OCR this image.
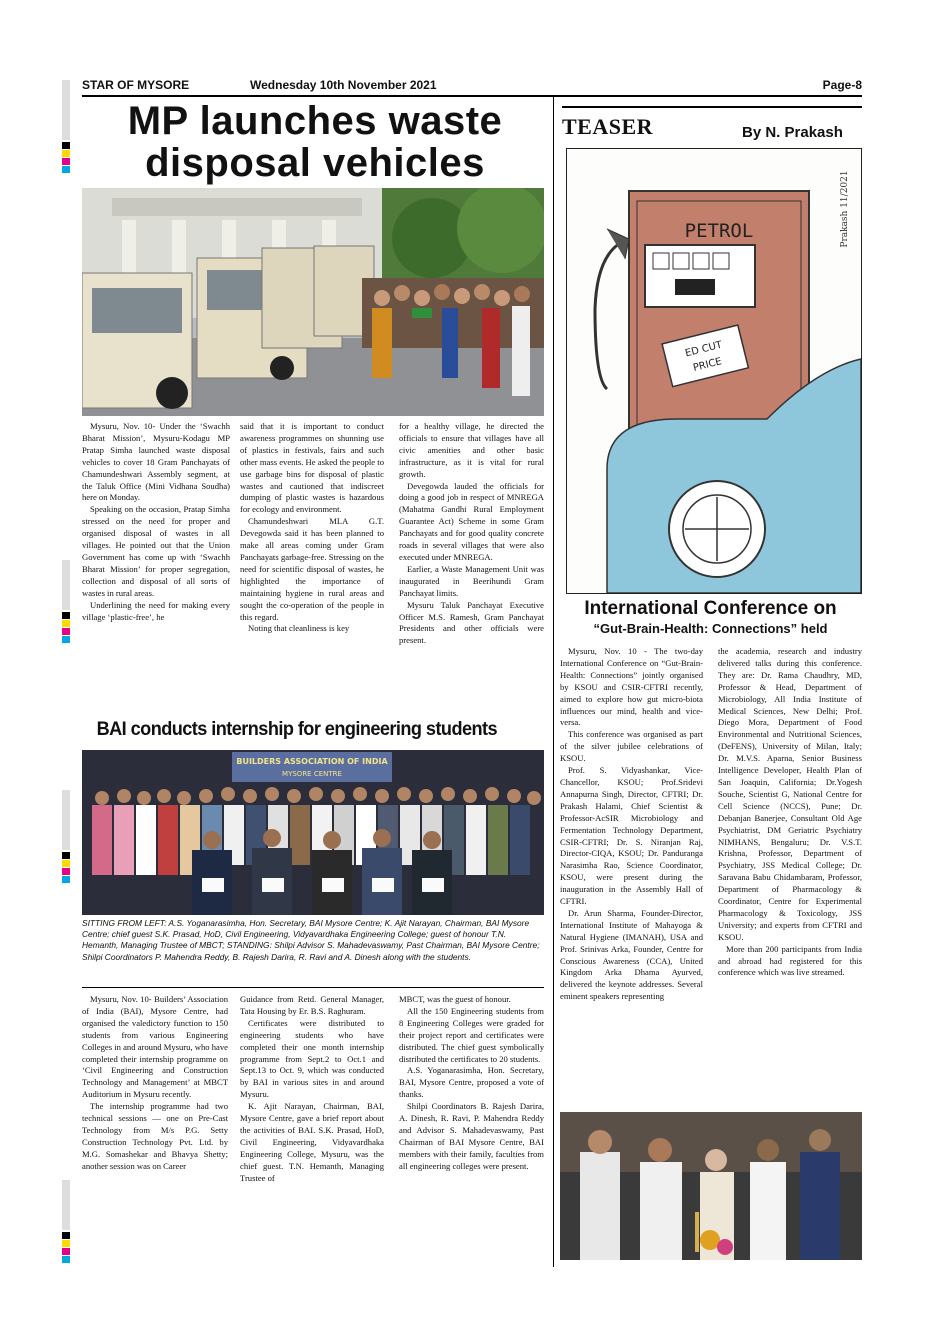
STAR OF MYSORE	Wednesday 10th November 2021	Page-8
MP launches waste
disposal vehicles

Mysuru, Nov. 10- Under the ‘Swachh Bharat Mission’, Mysuru-Kodagu MP Pratap Simha launched waste disposal vehicles to cover 18 Gram Panchayats of Chamundeshwari Assembly segment, at the Taluk Office (Mini Vidhana Soudha) here on Monday.

Speaking on the occasion, Pratap Simha stressed on the need for proper and organised disposal of wastes in all villages. He pointed out that the Union Government has come up with ‘Swachh Bharat Mission’ for proper segregation, collection and disposal of all sorts of wastes in rural areas.

Underlining the need for making every village ‘plastic-free’, he

said that it is important to conduct awareness programmes on shunning use of plastics in festivals, fairs and such other mass events. He asked the people to use garbage bins for disposal of plastic wastes and cautioned that indiscreet dumping of plastic wastes is hazardous for ecology and environment.

Chamundeshwari MLA G.T. Devegowda said it has been planned to make all areas coming under Gram Panchayats garbage-free. Stressing on the need for scientific disposal of wastes, he highlighted the importance of maintaining hygiene in rural areas and sought the co-operation of the people in this regard.

Noting that cleanliness is key

for a healthy village, he directed the officials to ensure that villages have all civic amenities and other basic infrastructure, as it is vital for rural growth.

Devegowda lauded the officials for doing a good job in respect of MNREGA (Mahatma Gandhi Rural Employment Guarantee Act) Scheme in some Gram Panchayats and for good quality concrete roads in several villages that were also executed under MNREGA.

Earlier, a Waste Management Unit was inaugurated in Beerihundi Gram Panchayat limits.

Mysuru Taluk Panchayat Executive Officer M.S. Ramesh, Gram Panchayat Presidents and other officials were present.

TEASER	By N. Prakash
PETROL
ED CUT
PRICE
Prakash 11/2021
International Conference on
“Gut-Brain-Health: Connections” held

Mysuru, Nov. 10 - The two-day International Conference on “Gut-Brain-Health: Connections” jointly organised by KSOU and CSIR-CFTRI recently, aimed to explore how gut micro-biota influences our mind, health and vice-versa.

This conference was organised as part of the silver jubilee celebrations of KSOU.

Prof. S. Vidyashankar, Vice-Chancellor, KSOU; Prof.Sridevi Annapurna Singh, Director, CFTRI; Dr. Prakash Halami, Chief Scientist & Professor-AcSIR Microbiology and Fermentation Technology Department, CSIR-CFTRI; Dr. S. Niranjan Raj, Director-CIQA, KSOU; Dr. Panduranga Narasimha Rao, Science Coordinator, KSOU, were present during the inauguration in the Assembly Hall of CFTRI.

Dr. Arun Sharma, Founder-Director, International Institute of Mahayoga & Natural Hygiene (IMANAH), USA and Prof. Srinivas Arka, Founder, Centre for Conscious Awareness (CCA), United Kingdom Arka Dhama Ayurved, delivered the keynote addresses. Several eminent speakers representing

the academia, research and industry delivered talks during this conference. They are: Dr. Rama Chaudhry, MD, Professor & Head, Department of Microbiology, All India Institute of Medical Sciences, New Delhi; Prof. Diego Mora, Department of Food Environmental and Nutritional Sciences, (DeFENS), University of Milan, Italy; Dr. M.V.S. Aparna, Senior Business Intelligence Developer, Health Plan of San Joaquin, California; Dr.Yogesh Souche, Scientist G, National Centre for Cell Science (NCCS), Pune; Dr. Debanjan Banerjee, Consultant Old Age Psychiatrist, DM Geriatric Psychiatry NIMHANS, Bengaluru; Dr. V.S.T. Krishna, Professor, Department of Psychiatry, JSS Medical College; Dr. Saravana Babu Chidambaram, Professor, Department of Pharmacology & Coordinator, Centre for Experimental Pharmacology & Toxicology, JSS University; and experts from CFTRI and KSOU.

More than 200 participants from India and abroad had registered for this conference which was live streamed.

BAI conducts internship for engineering students
BUILDERS ASSOCIATION OF INDIA
MYSORE CENTRE
SITTING FROM LEFT: A.S. Yoganarasimha, Hon. Secretary, BAI Mysore Centre; K. Ajit Narayan, Chairman, BAI Mysore Centre; chief guest S.K. Prasad, HoD, Civil Engineering, Vidyavardhaka Engineering College; guest of honour T.N. Hemanth, Managing Trustee of MBCT; STANDING: Shilpi Advisor S. Mahadevaswamy, Past Chairman, BAI Mysore Centre; Shilpi Coordinators P. Mahendra Reddy, B. Rajesh Darira, R. Ravi and A. Dinesh along with the students.

Mysuru, Nov. 10- Builders’ Association of India (BAI), Mysore Centre, had organised the valedictory function to 150 students from various Engineering Colleges in and around Mysuru, who have completed their internship programme on ‘Civil Engineering and Construction Technology and Management’ at MBCT Auditorium in Mysuru recently.

The internship programme had two technical sessions — one on Pre-Cast Technology from M/s P.G. Setty Construction Technology Pvt. Ltd. by M.G. Somashekar and Bhavya Shetty; another session was on Career

Guidance from Retd. General Manager, Tata Housing by Er. B.S. Raghuram.

Certificates were distributed to engineering students who have completed their one month internship programme from Sept.2 to Oct.1 and Sept.13 to Oct. 9, which was conducted by BAI in various sites in and around Mysuru.

K. Ajit Narayan, Chairman, BAI, Mysore Centre, gave a brief report about the activities of BAI. S.K. Prasad, HoD, Civil Engineering, Vidyavardhaka Engineering College, Mysuru, was the chief guest. T.N. Hemanth, Managing Trustee of

MBCT, was the guest of honour.

All the 150 Engineering students from 8 Engineering Colleges were graded for their project report and certificates were distributed. The chief guest symbolically distributed the certificates to 20 students.

A.S. Yoganarasimha, Hon. Secretary, BAI, Mysore Centre, proposed a vote of thanks.

Shilpi Coordinators B. Rajesh Darira, A. Dinesh, R. Ravi, P. Mahendra Reddy and Advisor S. Mahadevaswamy, Past Chairman of BAI Mysore Centre, BAI members with their family, faculties from all engineering colleges were present.
